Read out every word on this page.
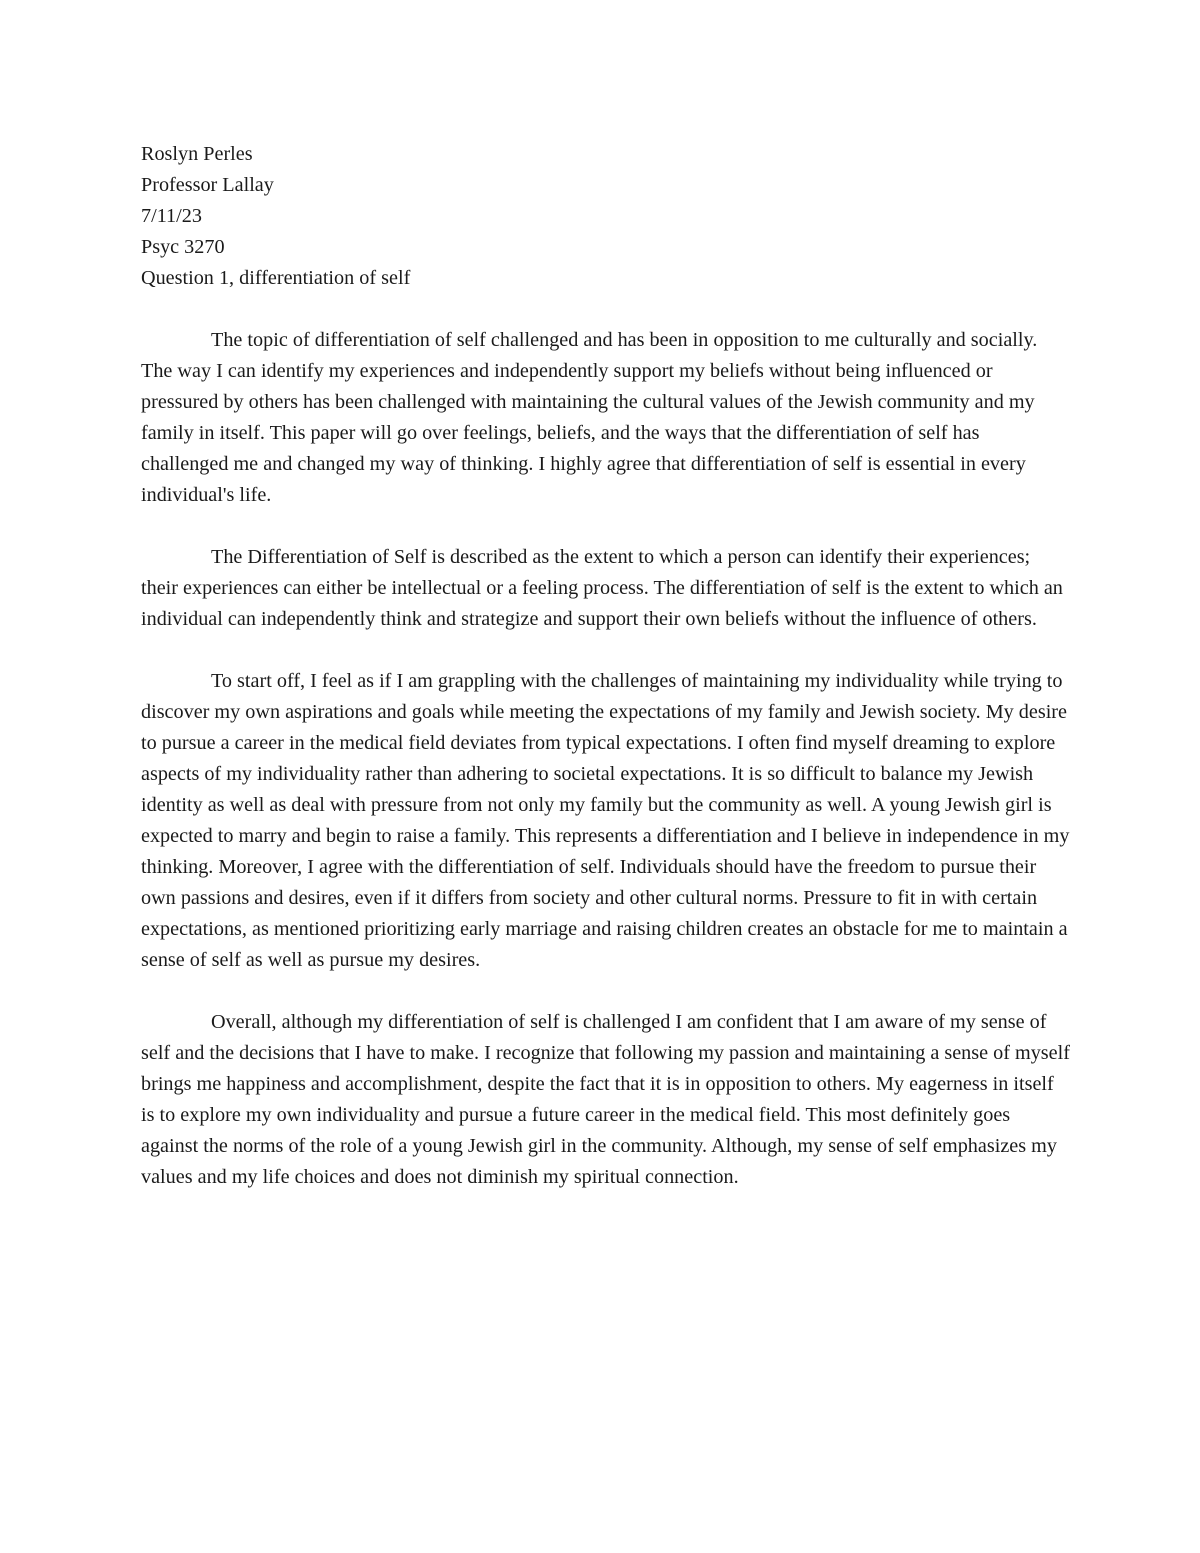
Roslyn Perles
Professor Lallay
7/11/23
Psyc 3270
Question 1, differentiation of self

The topic of differentiation of self challenged and has been in opposition to me culturally and socially. The way I can identify my experiences and independently support my beliefs without being influenced or pressured by others has been challenged with maintaining the cultural values of the Jewish community and my family in itself. This paper will go over feelings, beliefs, and the ways that the differentiation of self has challenged me and changed my way of thinking. I highly agree that differentiation of self is essential in every individual's life.

The Differentiation of Self is described as the extent to which a person can identify their experiences; their experiences can either be intellectual or a feeling process. The differentiation of self is the extent to which an individual can independently think and strategize and support their own beliefs without the influence of others.

To start off, I feel as if I am grappling with the challenges of maintaining my individuality while trying to discover my own aspirations and goals while meeting the expectations of my family and Jewish society. My desire to pursue a career in the medical field deviates from typical expectations. I often find myself dreaming to explore aspects of my individuality rather than adhering to societal expectations. It is so difficult to balance my Jewish identity as well as deal with pressure from not only my family but the community as well. A young Jewish girl is expected to marry and begin to raise a family. This represents a differentiation and I believe in independence in my thinking. Moreover, I agree with the differentiation of self. Individuals should have the freedom to pursue their own passions and desires, even if it differs from society and other cultural norms. Pressure to fit in with certain expectations, as mentioned prioritizing early marriage and raising children creates an obstacle for me to maintain a sense of self as well as pursue my desires.

Overall, although my differentiation of self is challenged I am confident that I am aware of my sense of self and the decisions that I have to make. I recognize that following my passion and maintaining a sense of myself brings me happiness and accomplishment, despite the fact that it is in opposition to others. My eagerness in itself is to explore my own individuality and pursue a future career in the medical field. This most definitely goes against the norms of the role of a young Jewish girl in the community. Although, my sense of self emphasizes my values and my life choices and does not diminish my spiritual connection.
